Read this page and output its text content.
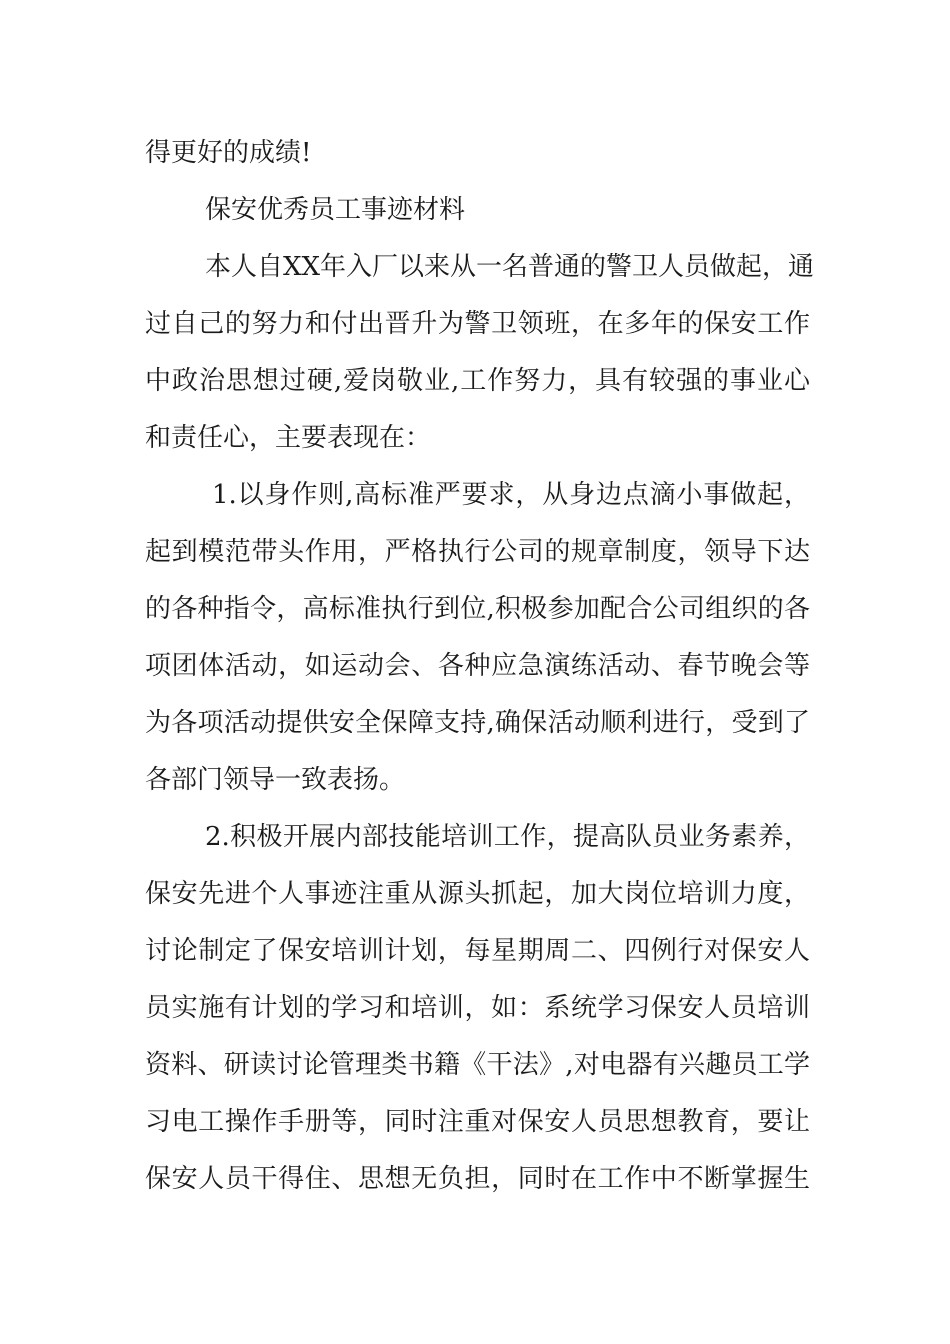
得更好的成绩!
保安优秀员工事迹材料
本人自XX年入厂以来从一名普通的警卫人员做起，通
过自己的努力和付出晋升为警卫领班，在多年的保安工作
中政治思想过硬,爱岗敬业,工作努力，具有较强的事业心
和责任心，主要表现在：
1.以身作则,高标准严要求，从身边点滴小事做起，
起到模范带头作用，严格执行公司的规章制度，领导下达
的各种指令，高标准执行到位,积极参加配合公司组织的各
项团体活动，如运动会、各种应急演练活动、春节晚会等
为各项活动提供安全保障支持,确保活动顺利进行，受到了
各部门领导一致表扬。
2.积极开展内部技能培训工作，提高队员业务素养，
保安先进个人事迹注重从源头抓起，加大岗位培训力度，
讨论制定了保安培训计划，每星期周二、四例行对保安人
员实施有计划的学习和培训，如：系统学习保安人员培训
资料、研读讨论管理类书籍《干法》,对电器有兴趣员工学
习电工操作手册等，同时注重对保安人员思想教育，要让
保安人员干得住、思想无负担，同时在工作中不断掌握生
